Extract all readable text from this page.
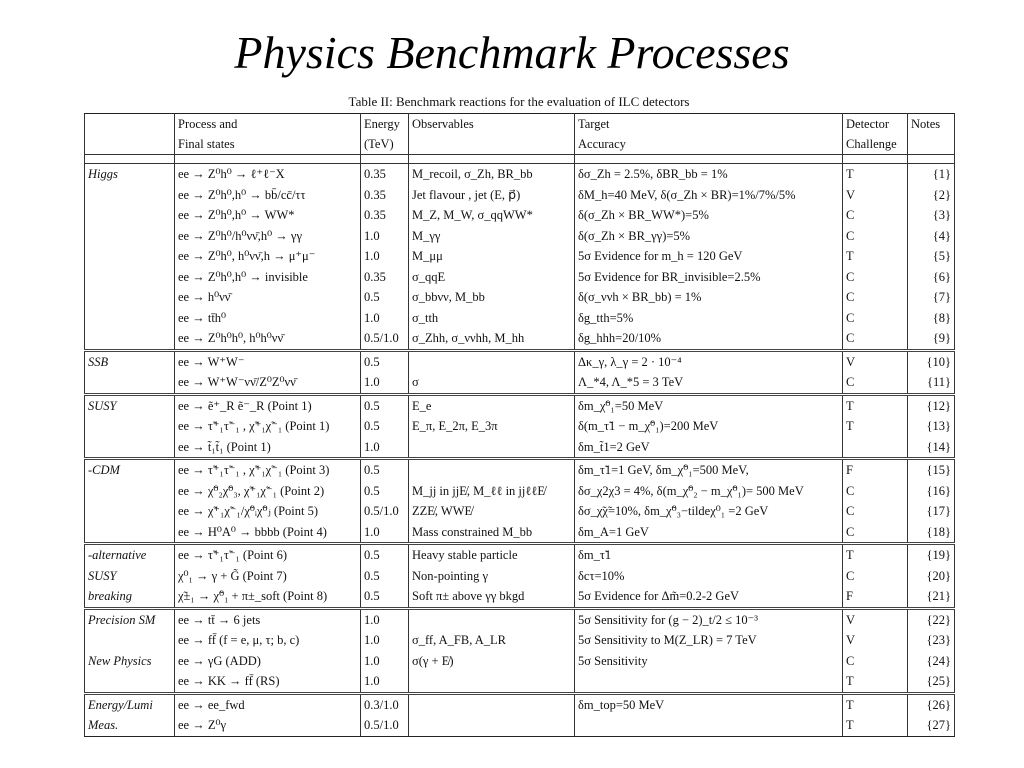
Physics Benchmark Processes
Table II: Benchmark reactions for the evaluation of ILC detectors
	Process and	Energy	Observables	Target	Detector	Notes
	Final states	(TeV)		Accuracy	Challenge	

Higgs	ee → Z⁰h⁰ → ℓ⁺ℓ⁻X	0.35	M_recoil, σ_Zh, BR_bb	δσ_Zh = 2.5%, δBR_bb = 1%	T	{1}
	ee → Z⁰h⁰,h⁰ → bb̄/cc̄/ττ	0.35	Jet flavour , jet (E, p⃗)	δM_h=40 MeV, δ(σ_Zh × BR)=1%/7%/5%	V	{2}
	ee → Z⁰h⁰,h⁰ → WW*	0.35	M_Z, M_W, σ_qqWW*	δ(σ_Zh × BR_WW*)=5%	C	{3}
	ee → Z⁰h⁰/h⁰νν̄,h⁰ → γγ	1.0	M_γγ	δ(σ_Zh × BR_γγ)=5%	C	{4}
	ee → Z⁰h⁰, h⁰νν̄,h → μ⁺μ⁻	1.0	M_μμ	5σ Evidence for m_h = 120 GeV	T	{5}
	ee → Z⁰h⁰,h⁰ → invisible	0.35	σ_qqE	5σ Evidence for BR_invisible=2.5%	C	{6}
	ee → h⁰νν̄	0.5	σ_bbνν, M_bb	δ(σ_ννh × BR_bb) = 1%	C	{7}
	ee → tt̄h⁰	1.0	σ_tth	δg_tth=5%	C	{8}
	ee → Z⁰h⁰h⁰, h⁰h⁰νν̄	0.5/1.0	σ_Zhh, σ_ννhh, M_hh	δg_hhh=20/10%	C	{9}
SSB	ee → W⁺W⁻	0.5		Δκ_γ, λ_γ = 2 · 10⁻⁴	V	{10}
	ee → W⁺W⁻νν̄/Z⁰Z⁰νν̄	1.0	σ	Λ_*4, Λ_*5 = 3 TeV	C	{11}
SUSY	ee → ẽ⁺_R ẽ⁻_R (Point 1)	0.5	E_e	δm_χ̃⁰₁=50 MeV	T	{12}
	ee → τ̃⁺₁τ̃⁻₁ , χ̃⁺₁χ̃⁻₁ (Point 1)	0.5	E_π, E_2π, E_3π	δ(m_τ̃1 − m_χ̃⁰₁)=200 MeV	T	{13}
	ee → t̃₁t̃₁ (Point 1)	1.0		δm_t̃1=2 GeV		{14}
-CDM	ee → τ̃⁺₁τ̃⁻₁ , χ̃⁺₁χ̃⁻₁ (Point 3)	0.5		δm_τ̃1=1 GeV, δm_χ̃⁰₁=500 MeV,	F	{15}
	ee → χ̃⁰₂χ̃⁰₃, χ̃⁺₁χ̃⁻₁ (Point 2)	0.5	M_jj in jjE̸, M_ℓℓ in jjℓℓE̸	δσ_χ2χ3 = 4%, δ(m_χ̃⁰₂ − m_χ̃⁰₁)= 500 MeV	C	{16}
	ee → χ̃⁺₁χ̃⁻₁/χ̃⁰ᵢχ̃⁰ⱼ (Point 5)	0.5/1.0	ZZE̸, WWE̸	δσ_χ̃χ̃=10%, δm_χ̃⁰₃−tildeχ⁰₁ =2 GeV	C	{17}
	ee → H⁰A⁰ → bbbb (Point 4)	1.0	Mass constrained M_bb	δm_A=1 GeV	C	{18}
-alternative	ee → τ̃⁺₁τ̃⁻₁ (Point 6)	0.5	Heavy stable particle	δm_τ̃1	T	{19}
SUSY	χ⁰₁ → γ + G̃ (Point 7)	0.5	Non-pointing γ	δcτ=10%	C	{20}
breaking	χ̃±₁ → χ̃⁰₁ + π±_soft (Point 8)	0.5	Soft π± above γγ bkgd	5σ Evidence for Δm̃=0.2-2 GeV	F	{21}
Precision SM	ee → tt̄ → 6 jets	1.0		5σ Sensitivity for (g − 2)_t/2 ≤ 10⁻³	V	{22}
	ee → ff̄ (f = e, μ, τ; b, c)	1.0	σ_ff, A_FB, A_LR	5σ Sensitivity to M(Z_LR) = 7 TeV	V	{23}
New Physics	ee → γG (ADD)	1.0	σ(γ + E̸)	5σ Sensitivity	C	{24}
	ee → KK → ff̄ (RS)	1.0			T	{25}
Energy/Lumi	ee → ee_fwd	0.3/1.0		δm_top=50 MeV	T	{26}
Meas.	ee → Z⁰γ	0.5/1.0			T	{27}
